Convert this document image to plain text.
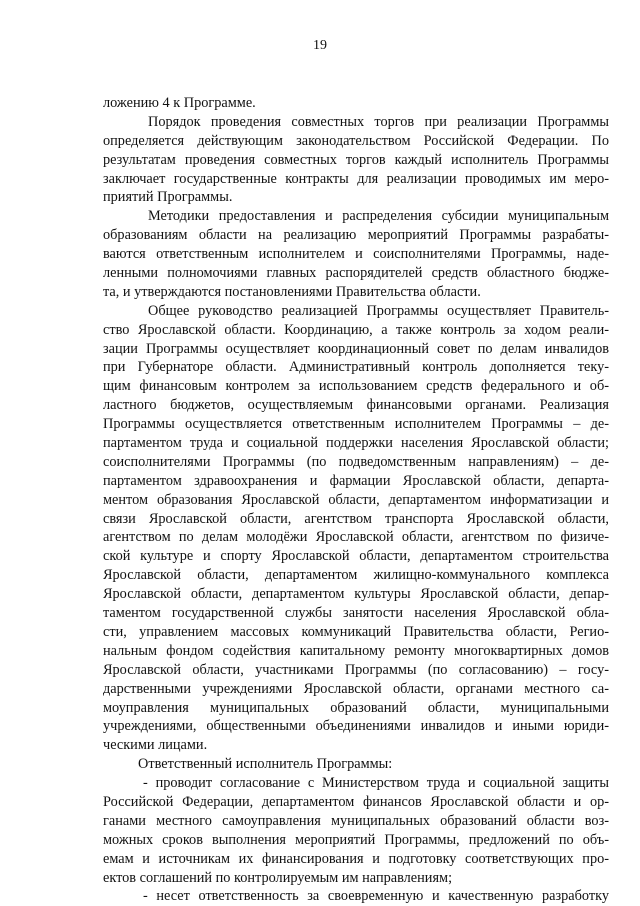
19
ложению 4 к Программе.
Порядок проведения совместных торгов при реализации Программы
определяется действующим законодательством Российской Федерации. По
результатам проведения совместных торгов каждый исполнитель Программы
заключает государственные контракты для реализации проводимых им меро-
приятий Программы.
Методики предоставления и распределения субсидии муниципальным
образованиям области на реализацию мероприятий Программы разрабаты-
ваются ответственным исполнителем и соисполнителями Программы, наде-
ленными полномочиями главных распорядителей средств областного бюдже-
та, и утверждаются постановлениями Правительства области.
Общее руководство реализацией Программы осуществляет Правитель-
ство Ярославской области. Координацию, а также контроль за ходом реали-
зации Программы осуществляет координационный совет по делам инвалидов
при Губернаторе области. Административный контроль дополняется теку-
щим финансовым контролем за использованием средств федерального и об-
ластного бюджетов, осуществляемым финансовыми органами. Реализация
Программы осуществляется ответственным исполнителем Программы – де-
партаментом труда и социальной поддержки населения Ярославской области;
соисполнителями Программы (по подведомственным направлениям) – де-
партаментом здравоохранения и фармации Ярославской области, департа-
ментом образования Ярославской области, департаментом информатизации и
связи Ярославской области, агентством транспорта Ярославской области,
агентством по делам молодёжи Ярославской области, агентством по физиче-
ской культуре и спорту Ярославской области, департаментом строительства
Ярославской области, департаментом жилищно-коммунального комплекса
Ярославской области, департаментом культуры Ярославской области, депар-
таментом государственной службы занятости населения Ярославской обла-
сти, управлением массовых коммуникаций Правительства области, Регио-
нальным фондом содействия капитальному ремонту многоквартирных домов
Ярославской области, участниками Программы (по согласованию) – госу-
дарственными учреждениями Ярославской области, органами местного са-
моуправления муниципальных образований области, муниципальными
учреждениями, общественными объединениями инвалидов и иными юриди-
ческими лицами.
Ответственный исполнитель Программы:
- проводит согласование с Министерством труда и социальной защиты
Российской Федерации, департаментом финансов Ярославской области и ор-
ганами местного самоуправления муниципальных образований области воз-
можных сроков выполнения мероприятий Программы, предложений по объ-
емам и источникам их финансирования и подготовку соответствующих про-
ектов соглашений по контролируемым им направлениям;
- несет ответственность за своевременную и качественную разработку
